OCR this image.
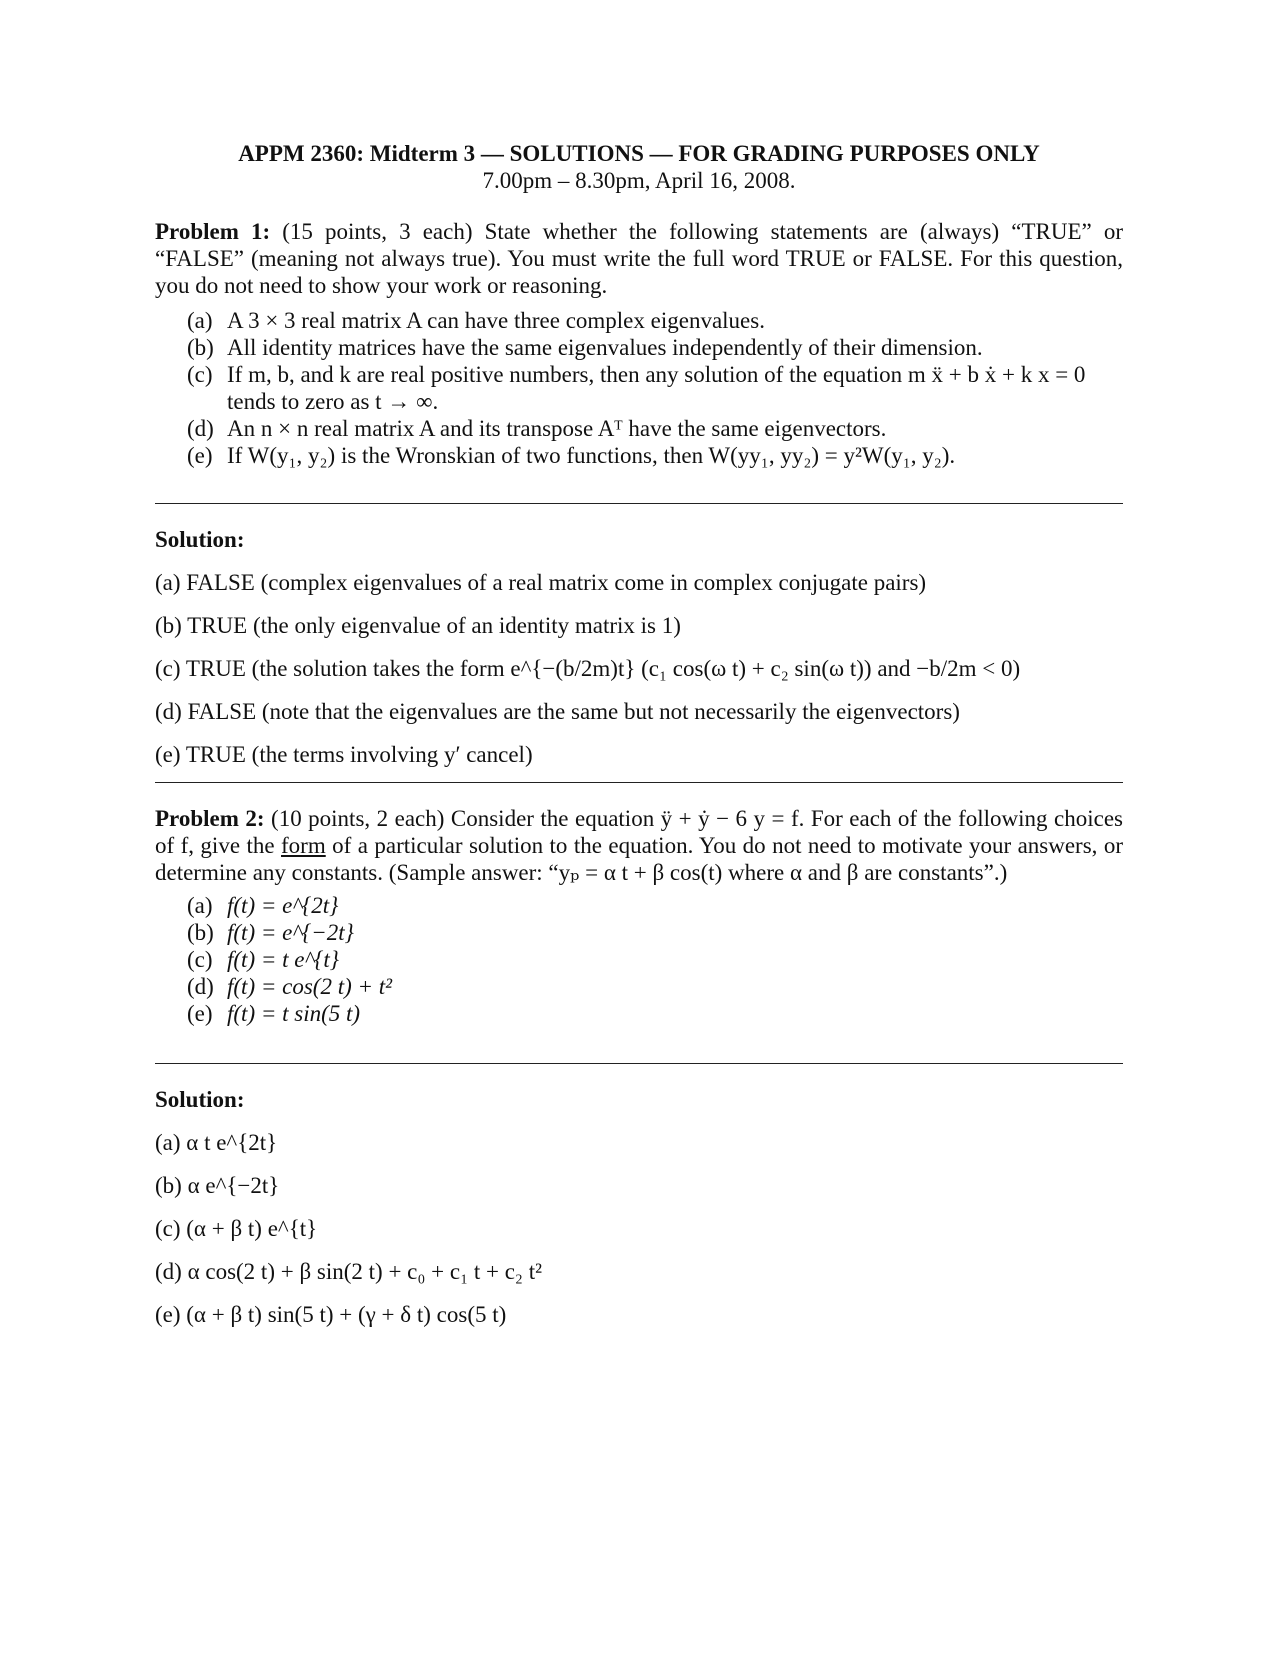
APPM 2360: Midterm 3 — SOLUTIONS — FOR GRADING PURPOSES ONLY
7.00pm – 8.30pm, April 16, 2008.
Problem 1: (15 points, 3 each) State whether the following statements are (always) “TRUE” or “FALSE” (meaning not always true). You must write the full word TRUE or FALSE. For this question, you do not need to show your work or reasoning.
(a) A 3 × 3 real matrix A can have three complex eigenvalues.
(b) All identity matrices have the same eigenvalues independently of their dimension.
(c) If m, b, and k are real positive numbers, then any solution of the equation m ẍ + b ẋ + k x = 0 tends to zero as t → ∞.
(d) An n × n real matrix A and its transpose Aᵀ have the same eigenvectors.
(e) If W(y₁, y₂) is the Wronskian of two functions, then W(yy₁, yy₂) = y²W(y₁, y₂).
Solution:
(a) FALSE (complex eigenvalues of a real matrix come in complex conjugate pairs)
(b) TRUE (the only eigenvalue of an identity matrix is 1)
(c) TRUE (the solution takes the form e^{−(b/2m)t} (c₁ cos(ω t) + c₂ sin(ω t)) and −b/2m < 0)
(d) FALSE (note that the eigenvalues are the same but not necessarily the eigenvectors)
(e) TRUE (the terms involving y′ cancel)
Problem 2: (10 points, 2 each) Consider the equation ÿ + ẏ − 6 y = f. For each of the following choices of f, give the form of a particular solution to the equation. You do not need to motivate your answers, or determine any constants. (Sample answer: “yₚ = α t + β cos(t) where α and β are constants”.)
(a) f(t) = e^{2t}
(b) f(t) = e^{−2t}
(c) f(t) = t e^{t}
(d) f(t) = cos(2 t) + t²
(e) f(t) = t sin(5 t)
Solution:
(a) α t e^{2t}
(b) α e^{−2t}
(c) (α + β t) e^{t}
(d) α cos(2 t) + β sin(2 t) + c₀ + c₁ t + c₂ t²
(e) (α + β t) sin(5 t) + (γ + δ t) cos(5 t)
